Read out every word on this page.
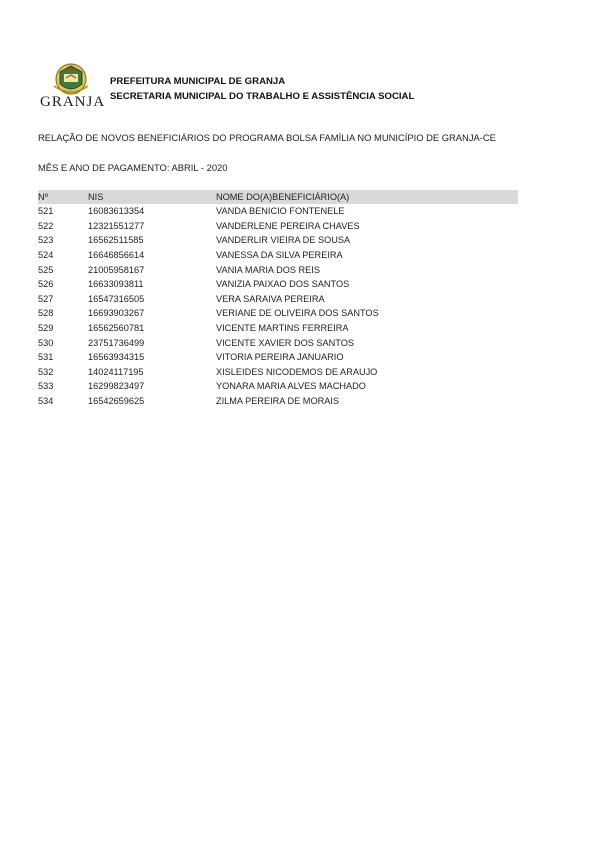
GRANJA
PREFEITURA MUNICIPAL DE GRANJA
SECRETARIA MUNICIPAL DO TRABALHO E ASSISTÊNCIA SOCIAL
RELAÇÃO DE NOVOS BENEFICIÁRIOS DO PROGRAMA BOLSA FAMÍLIA NO MUNICÍPIO DE GRANJA-CE
MÊS E ANO DE PAGAMENTO: ABRIL - 2020
Nº	NIS	NOME DO(A)BENEFICIÁRIO(A)
521	16083613354	VANDA BENICIO FONTENELE
522	12321551277	VANDERLENE PEREIRA CHAVES
523	16562511585	VANDERLIR VIEIRA DE SOUSA
524	16646856614	VANESSA DA SILVA PEREIRA
525	21005958167	VANIA MARIA DOS REIS
526	16633093811	VANIZIA PAIXAO DOS SANTOS
527	16547316505	VERA SARAIVA PEREIRA
528	16693903267	VERIANE DE OLIVEIRA DOS SANTOS
529	16562560781	VICENTE MARTINS FERREIRA
530	23751736499	VICENTE XAVIER DOS SANTOS
531	16563934315	VITORIA PEREIRA JANUARIO
532	14024117195	XISLEIDES NICODEMOS DE ARAUJO
533	16299823497	YONARA MARIA ALVES MACHADO
534	16542659625	ZILMA PEREIRA DE MORAIS
